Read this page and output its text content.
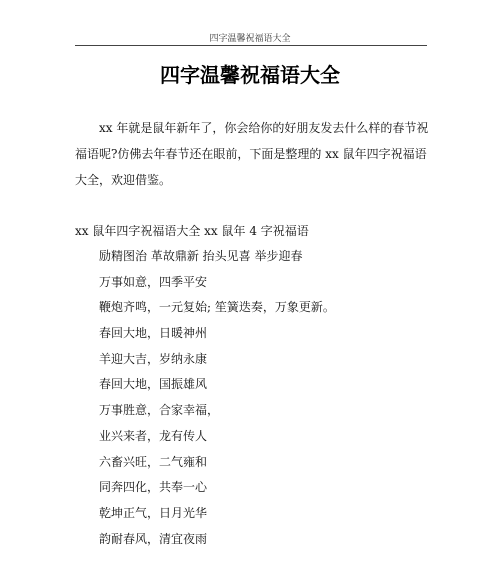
四字温馨祝福语大全
四字温馨祝福语大全

xx 年就是鼠年新年了，你会给你的好朋友发去什么样的春节祝
福语呢?仿佛去年春节还在眼前，下面是整理的 xx 鼠年四字祝福语
大全，欢迎借鉴。

xx 鼠年四字祝福语大全 xx 鼠年 4 字祝福语

励精图治 革故鼎新 抬头见喜 举步迎春
万事如意，四季平安
鞭炮齐鸣，一元复始; 笙簧迭奏，万象更新。
春回大地，日暖神州
羊迎大吉，岁纳永康
春回大地，国振雄风
万事胜意，合家幸福，
业兴来者，龙有传人
六畜兴旺，二气雍和
同奔四化，共奉一心
乾坤正气，日月光华
韵耐春风，清宜夜雨
